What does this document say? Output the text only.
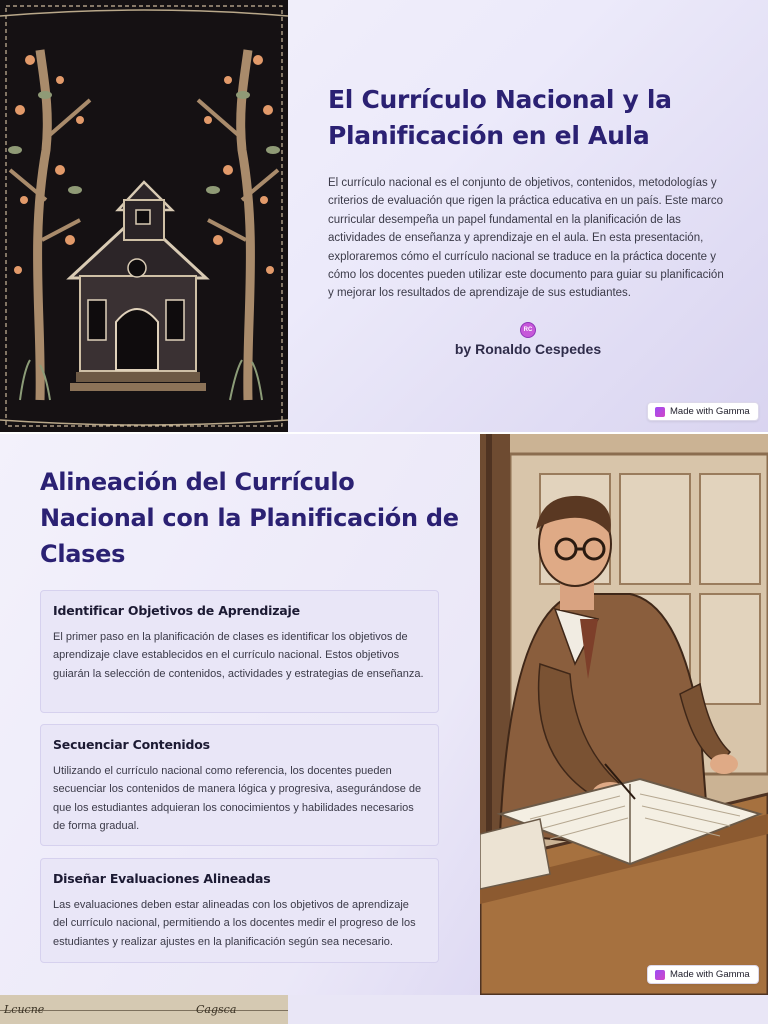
El Currículo Nacional y la Planificación en el Aula

El currículo nacional es el conjunto de objetivos, contenidos, metodologías y criterios de evaluación que rigen la práctica educativa en un país. Este marco curricular desempeña un papel fundamental en la planificación de las actividades de enseñanza y aprendizaje en el aula. En esta presentación, exploraremos cómo el currículo nacional se traduce en la práctica docente y cómo los docentes pueden utilizar este documento para guiar su planificación y mejorar los resultados de aprendizaje de sus estudiantes.

RC
by Ronaldo Cespedes
Made with Gamma
Alineación del Currículo Nacional con la Planificación de Clases
Identificar Objetivos de Aprendizaje

El primer paso en la planificación de clases es identificar los objetivos de aprendizaje clave establecidos en el currículo nacional. Estos objetivos guiarán la selección de contenidos, actividades y estrategias de enseñanza.

Secuenciar Contenidos

Utilizando el currículo nacional como referencia, los docentes pueden secuenciar los contenidos de manera lógica y progresiva, asegurándose de que los estudiantes adquieran los conocimientos y habilidades necesarios de forma gradual.

Diseñar Evaluaciones Alineadas

Las evaluaciones deben estar alineadas con los objetivos de aprendizaje del currículo nacional, permitiendo a los docentes medir el progreso de los estudiantes y realizar ajustes en la planificación según sea necesario.

Made with Gamma
Lcucne	Cagsca
